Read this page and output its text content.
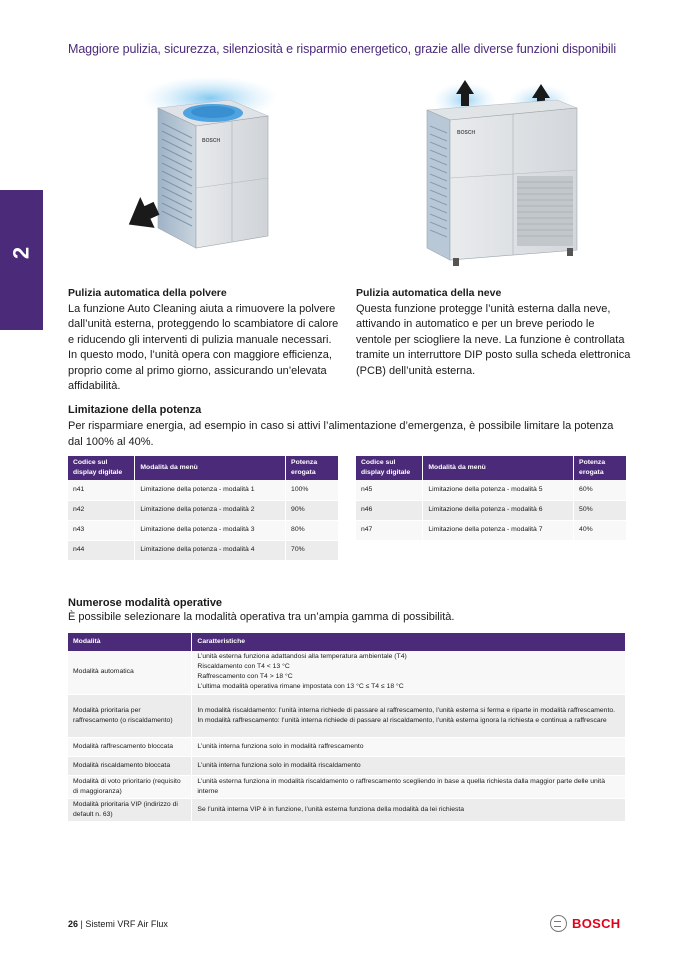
2
Maggiore pulizia, sicurezza, silenziosità e risparmio energetico, grazie alle diverse funzioni disponibili
BOSCH
BOSCH
Pulizia automatica della polvere

La funzione Auto Cleaning aiuta a rimuovere la polvere dall’unità esterna, proteggendo lo scambiatore di calore e riducendo gli interventi di pulizia manuale necessari. In questo modo, l’unità opera con maggiore efficienza, proprio come al primo giorno, assicurando un’elevata affidabilità.

Pulizia automatica della neve

Questa funzione protegge l’unità esterna dalla neve, attivando in automatico e per un breve periodo le ventole per sciogliere la neve. La funzione è controllata tramite un interruttore DIP posto sulla scheda elettronica (PCB) dell’unità esterna.

Limitazione della potenza
Per risparmiare energia, ad esempio in caso si attivi l’alimentazione d’emergenza, è possibile limitare la potenza dal 100% al 40%.
Codice sul display digitale	Modalità da menù	Potenza erogata
n41	Limitazione della potenza - modalità 1	100%
n42	Limitazione della potenza - modalità 2	90%
n43	Limitazione della potenza - modalità 3	80%
n44	Limitazione della potenza - modalità 4	70%
Codice sul display digitale	Modalità da menù	Potenza erogata
n45	Limitazione della potenza - modalità 5	60%
n46	Limitazione della potenza - modalità 6	50%
n47	Limitazione della potenza - modalità 7	40%
Numerose modalità operative
È possibile selezionare la modalità operativa tra un’ampia gamma di possibilità.
Modalità	Caratteristiche
Modalità automatica	L’unità esterna funziona adattandosi alla temperatura ambientale (T4)
Riscaldamento con T4 < 13 °C
Raffrescamento con T4 > 18 °C
L’ultima modalità operativa rimane impostata con 13 °C ≤ T4 ≤ 18 °C

Modalità prioritaria per raffrescamento (o riscaldamento)	In modalità riscaldamento: l’unità interna richiede di passare al raffrescamento, l’unità esterna si ferma e riparte in modalità raffrescamento.
In modalità raffrescamento: l’unità interna richiede di passare al riscaldamento, l’unità esterna ignora la richiesta e continua a raffrescare

Modalità raffrescamento bloccata	L’unità interna funziona solo in modalità raffrescamento
Modalità riscaldamento bloccata	L’unità interna funziona solo in modalità riscaldamento
Modalità di voto prioritario (requisito di maggioranza)	L’unità esterna funziona in modalità riscaldamento o raffrescamento scegliendo in base a quella richiesta dalla maggior parte delle unità interne
Modalità prioritaria VIP (indirizzo di default n. 63)	Se l’unità interna VIP è in funzione, l’unità esterna funziona della modalità da lei richiesta
26 | Sistemi VRF Air Flux	BOSCH
